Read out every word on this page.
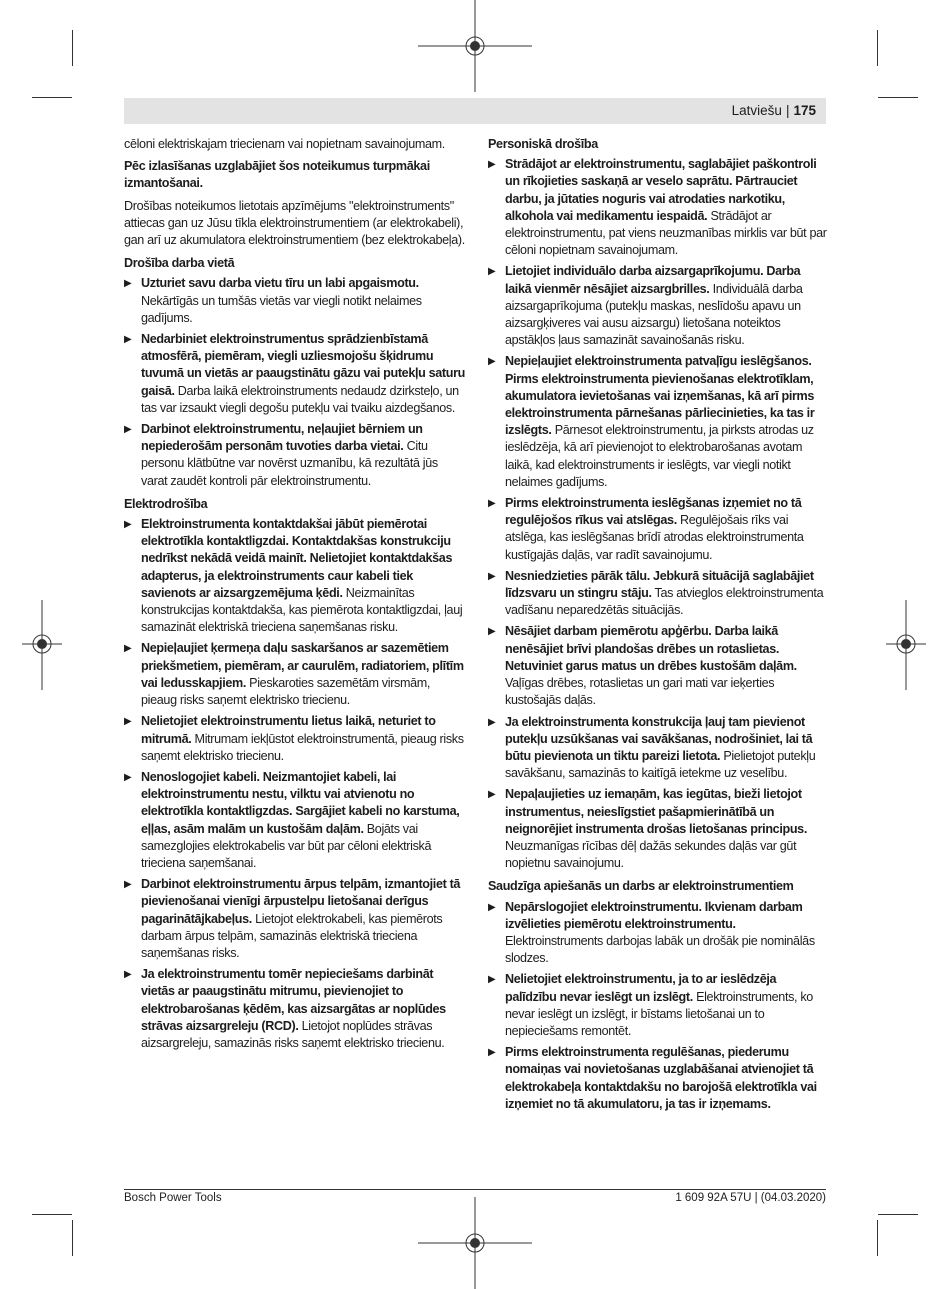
Latviešu | 175

cēloni elektriskajam triecienam vai nopietnam savainojumam.

Pēc izlasīšanas uzglabājiet šos noteikumus turpmākai izmantošanai.

Drošības noteikumos lietotais apzīmējums "elektroinstruments" attiecas gan uz Jūsu tīkla elektroinstrumentiem (ar elektrokabeli), gan arī uz akumulatora elektroinstrumentiem (bez elektrokabeļa).

Drošība darba vietā
▶ Uzturiet savu darba vietu tīru un labi apgaismotu. Nekārtīgās un tumšās vietās var viegli notikt nelaimes gadījums.
▶ Nedarbiniet elektroinstrumentus sprādzienbīstamā atmosfērā, piemēram, viegli uzliesmojošu šķidrumu tuvumā un vietās ar paaugstinātu gāzu vai putekļu saturu gaisā. Darba laikā elektroinstruments nedaudz dzirksteļo, un tas var izsaukt viegli degošu putekļu vai tvaiku aizdegšanos.
▶ Darbinot elektroinstrumentu, neļaujiet bērniem un nepiederošām personām tuvoties darba vietai. Citu personu klātbūtne var novērst uzmanību, kā rezultātā jūs varat zaudēt kontroli pār elektroinstrumentu.
Elektrodrošība
▶ Elektroinstrumenta kontaktdakšai jābūt piemērotai elektrotīkla kontaktligzdai. Kontaktdakšas konstrukciju nedrīkst nekādā veidā mainīt. Nelietojiet kontaktdakšas adapterus, ja elektroinstruments caur kabeli tiek savienots ar aizsargzemējuma ķēdi. Neizmainītas konstrukcijas kontaktdakša, kas piemērota kontaktligzdai, ļauj samazināt elektriskā trieciena saņemšanas risku.
▶ Nepieļaujiet ķermeņa daļu saskaršanos ar sazemētiem priekšmetiem, piemēram, ar caurulēm, radiatoriem, plītīm vai ledusskapjiem. Pieskaroties sazemētām virsmām, pieaug risks saņemt elektrisko triecienu.
▶ Nelietojiet elektroinstrumentu lietus laikā, neturiet to mitrumā. Mitrumam iekļūstot elektroinstrumentā, pieaug risks saņemt elektrisko triecienu.
▶ Nenoslogojiet kabeli. Neizmantojiet kabeli, lai elektroinstrumentu nestu, vilktu vai atvienotu no elektrotīkla kontaktligzdas. Sargājiet kabeli no karstuma, eļļas, asām malām un kustošām daļām. Bojāts vai samezglojies elektrokabelis var būt par cēloni elektriskā trieciena saņemšanai.
▶ Darbinot elektroinstrumentu ārpus telpām, izmantojiet tā pievienošanai vienīgi ārpustelpu lietošanai derīgus pagarinātājkabeļus. Lietojot elektrokabeli, kas piemērots darbam ārpus telpām, samazinās elektriskā trieciena saņemšanas risks.
▶ Ja elektroinstrumentu tomēr nepieciešams darbināt vietās ar paaugstinātu mitrumu, pievienojiet to elektrobarošanas ķēdēm, kas aizsargātas ar noplūdes strāvas aizsargreleju (RCD). Lietojot noplūdes strāvas aizsargreleju, samazinās risks saņemt elektrisko triecienu.
Personiskā drošība
▶ Strādājot ar elektroinstrumentu, saglabājiet paškontroli un rīkojieties saskaņā ar veselo saprātu. Pārtrauciet darbu, ja jūtaties noguris vai atrodaties narkotiku, alkohola vai medikamentu iespaidā. Strādājot ar elektroinstrumentu, pat viens neuzmanības mirklis var būt par cēloni nopietnam savainojumam.
▶ Lietojiet individuālo darba aizsargaprīkojumu. Darba laikā vienmēr nēsājiet aizsargbrilles. Individuālā darba aizsargaprīkojuma (putekļu maskas, neslīdošu apavu un aizsargķiveres vai ausu aizsargu) lietošana noteiktos apstākļos ļaus samazināt savainošanās risku.
▶ Nepieļaujiet elektroinstrumenta patvaļīgu ieslēgšanos. Pirms elektroinstrumenta pievienošanas elektrotīklam, akumulatora ievietošanas vai izņemšanas, kā arī pirms elektroinstrumenta pārnešanas pārliecinieties, ka tas ir izslēgts. Pārnesot elektroinstrumentu, ja pirksts atrodas uz ieslēdzēja, kā arī pievienojot to elektrobarošanas avotam laikā, kad elektroinstruments ir ieslēgts, var viegli notikt nelaimes gadījums.
▶ Pirms elektroinstrumenta ieslēgšanas izņemiet no tā regulējošos rīkus vai atslēgas. Regulējošais rīks vai atslēga, kas ieslēgšanas brīdī atrodas elektroinstrumenta kustīgajās daļās, var radīt savainojumu.
▶ Nesniedzieties pārāk tālu. Jebkurā situācijā saglabājiet līdzsvaru un stingru stāju. Tas atvieglos elektroinstrumenta vadīšanu neparedzētās situācijās.
▶ Nēsājiet darbam piemērotu apģērbu. Darba laikā nenēsājiet brīvi plandošas drēbes un rotaslietas. Netuviniet garus matus un drēbes kustošām daļām. Vaļīgas drēbes, rotaslietas un gari mati var ieķerties kustošajās daļās.
▶ Ja elektroinstrumenta konstrukcija ļauj tam pievienot putekļu uzsūkšanas vai savākšanas, nodrošiniet, lai tā būtu pievienota un tiktu pareizi lietota. Pielietojot putekļu savākšanu, samazinās to kaitīgā ietekme uz veselību.
▶ Nepaļaujieties uz iemaņām, kas iegūtas, bieži lietojot instrumentus, neieslīgstiet pašapmierinātībā un neignorējiet instrumenta drošas lietošanas principus. Neuzmanīgas rīcības dēļ dažās sekundes daļās var gūt nopietnu savainojumu.
Saudzīga apiešanās un darbs ar elektroinstrumentiem
▶ Nepārslogojiet elektroinstrumentu. Ikvienam darbam izvēlieties piemērotu elektroinstrumentu. Elektroinstruments darbojas labāk un drošāk pie nominālās slodzes.
▶ Nelietojiet elektroinstrumentu, ja to ar ieslēdzēja palīdzību nevar ieslēgt un izslēgt. Elektroinstruments, ko nevar ieslēgt un izslēgt, ir bīstams lietošanai un to nepieciešams remontēt.
▶ Pirms elektroinstrumenta regulēšanas, piederumu nomaiņas vai novietošanas uzglabāšanai atvienojiet tā elektrokabeļa kontaktdakšu no barojošā elektrotīkla vai izņemiet no tā akumulatoru, ja tas ir izņemams.
Bosch Power Tools	1 609 92A 57U | (04.03.2020)
